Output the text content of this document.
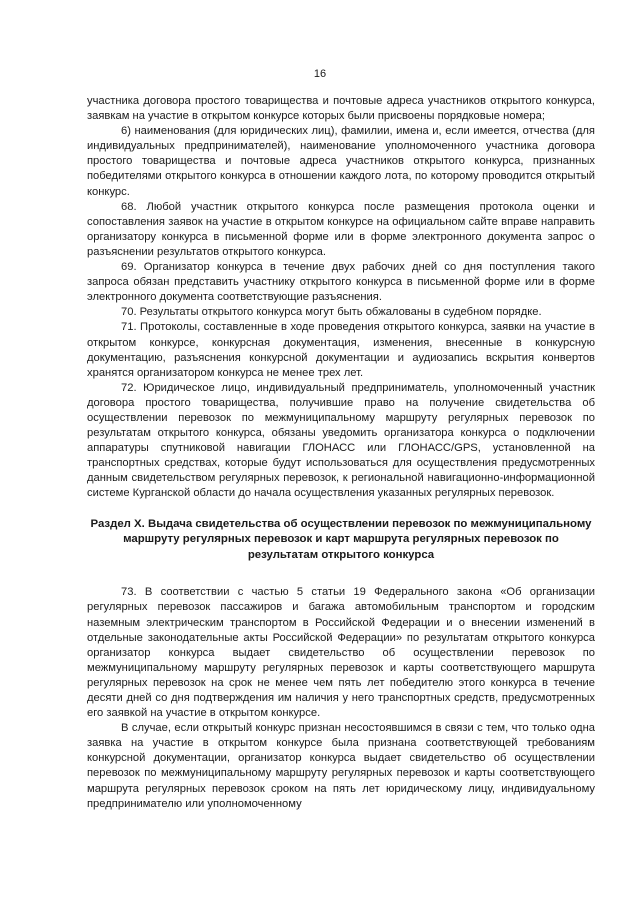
16

участника договора простого товарищества и почтовые адреса участников открытого конкурса, заявкам на участие в открытом конкурсе которых были присвоены порядковые номера;

6) наименования (для юридических лиц), фамилии, имена и, если имеется, отчества (для индивидуальных предпринимателей), наименование уполномоченного участника договора простого товарищества и почтовые адреса участников открытого конкурса, признанных победителями открытого конкурса в отношении каждого лота, по которому проводится открытый конкурс.

68. Любой участник открытого конкурса после размещения протокола оценки и сопоставления заявок на участие в открытом конкурсе на официальном сайте вправе направить организатору конкурса в письменной форме или в форме электронного документа запрос о разъяснении результатов открытого конкурса.

69. Организатор конкурса в течение двух рабочих дней со дня поступления такого запроса обязан представить участнику открытого конкурса в письменной форме или в форме электронного документа соответствующие разъяснения.

70. Результаты открытого конкурса могут быть обжалованы в судебном порядке.

71. Протоколы, составленные в ходе проведения открытого конкурса, заявки на участие в открытом конкурсе, конкурсная документация, изменения, внесенные в конкурсную документацию, разъяснения конкурсной документации и аудиозапись вскрытия конвертов хранятся организатором конкурса не менее трех лет.

72. Юридическое лицо, индивидуальный предприниматель, уполномоченный участник договора простого товарищества, получившие право на получение свидетельства об осуществлении перевозок по межмуниципальному маршруту регулярных перевозок по результатам открытого конкурса, обязаны уведомить организатора конкурса о подключении аппаратуры спутниковой навигации ГЛОНАСС или ГЛОНАСС/GPS, установленной на транспортных средствах, которые будут использоваться для осуществления предусмотренных данным свидетельством регулярных перевозок, к региональной навигационно-информационной системе Курганской области до начала осуществления указанных регулярных перевозок.

Раздел X. Выдача свидетельства об осуществлении перевозок по межмуниципальному маршруту регулярных перевозок и карт маршрута регулярных перевозок по результатам открытого конкурса

73. В соответствии с частью 5 статьи 19 Федерального закона «Об организации регулярных перевозок пассажиров и багажа автомобильным транспортом и городским наземным электрическим транспортом в Российской Федерации и о внесении изменений в отдельные законодательные акты Российской Федерации» по результатам открытого конкурса организатор конкурса выдает свидетельство об осуществлении перевозок по межмуниципальному маршруту регулярных перевозок и карты соответствующего маршрута регулярных перевозок на срок не менее чем пять лет победителю этого конкурса в течение десяти дней со дня подтверждения им наличия у него транспортных средств, предусмотренных его заявкой на участие в открытом конкурсе.

В случае, если открытый конкурс признан несостоявшимся в связи с тем, что только одна заявка на участие в открытом конкурсе была признана соответствующей требованиям конкурсной документации, организатор конкурса выдает свидетельство об осуществлении перевозок по межмуниципальному маршруту регулярных перевозок и карты соответствующего маршрута регулярных перевозок сроком на пять лет юридическому лицу, индивидуальному предпринимателю или уполномоченному
